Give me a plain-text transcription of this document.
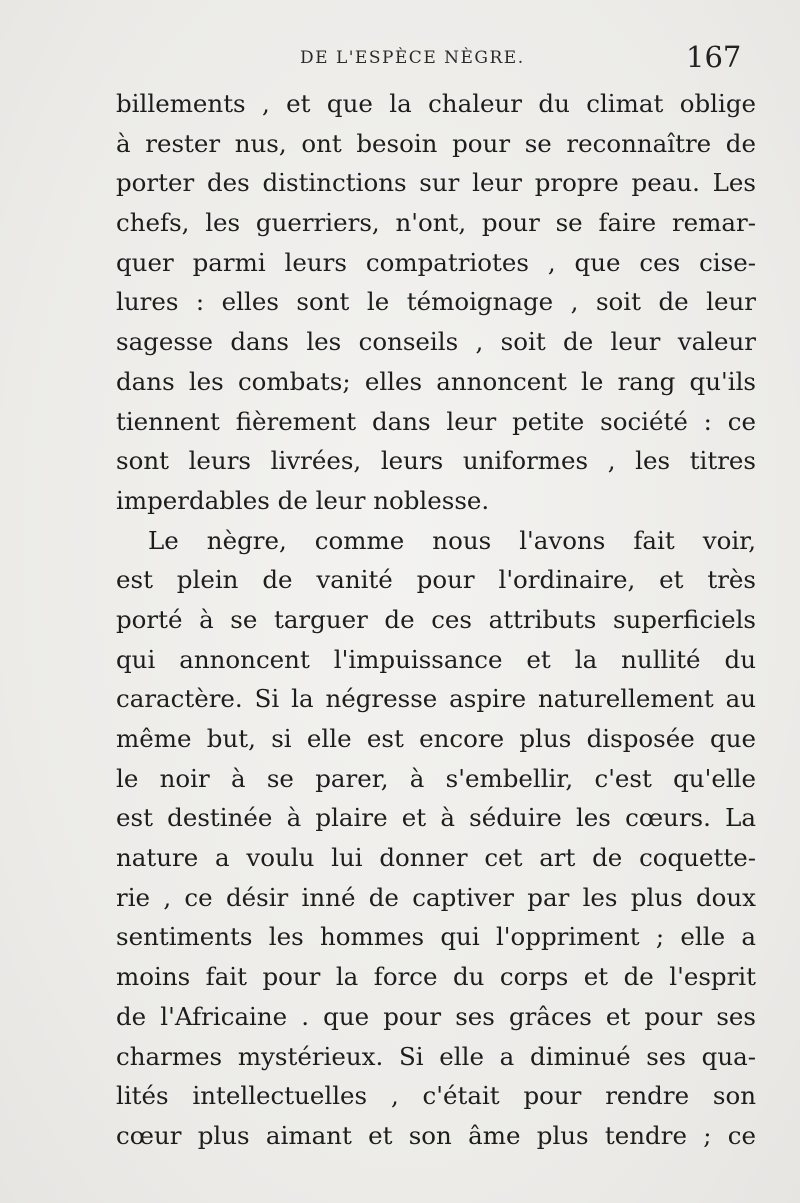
DE L'ESPÈCE NÈGRE.	167
billements , et que la chaleur du climat oblige
à rester nus, ont besoin pour se reconnaître de
porter des distinctions sur leur propre peau. Les
chefs, les guerriers, n'ont, pour se faire remar-
quer parmi leurs compatriotes , que ces cise-
lures : elles sont le témoignage , soit de leur
sagesse dans les conseils , soit de leur valeur
dans les combats; elles annoncent le rang qu'ils
tiennent fièrement dans leur petite société : ce
sont leurs livrées, leurs uniformes , les titres
imperdables de leur noblesse.
Le nègre, comme nous l'avons fait voir,
est plein de vanité pour l'ordinaire, et très
porté à se targuer de ces attributs superficiels
qui annoncent l'impuissance et la nullité du
caractère. Si la négresse aspire naturellement au
même but, si elle est encore plus disposée que
le noir à se parer, à s'embellir, c'est qu'elle
est destinée à plaire et à séduire les cœurs. La
nature a voulu lui donner cet art de coquette-
rie , ce désir inné de captiver par les plus doux
sentiments les hommes qui l'oppriment ; elle a
moins fait pour la force du corps et de l'esprit
de l'Africaine . que pour ses grâces et pour ses
charmes mystérieux. Si elle a diminué ses qua-
lités intellectuelles , c'était pour rendre son
cœur plus aimant et son âme plus tendre ; ce
